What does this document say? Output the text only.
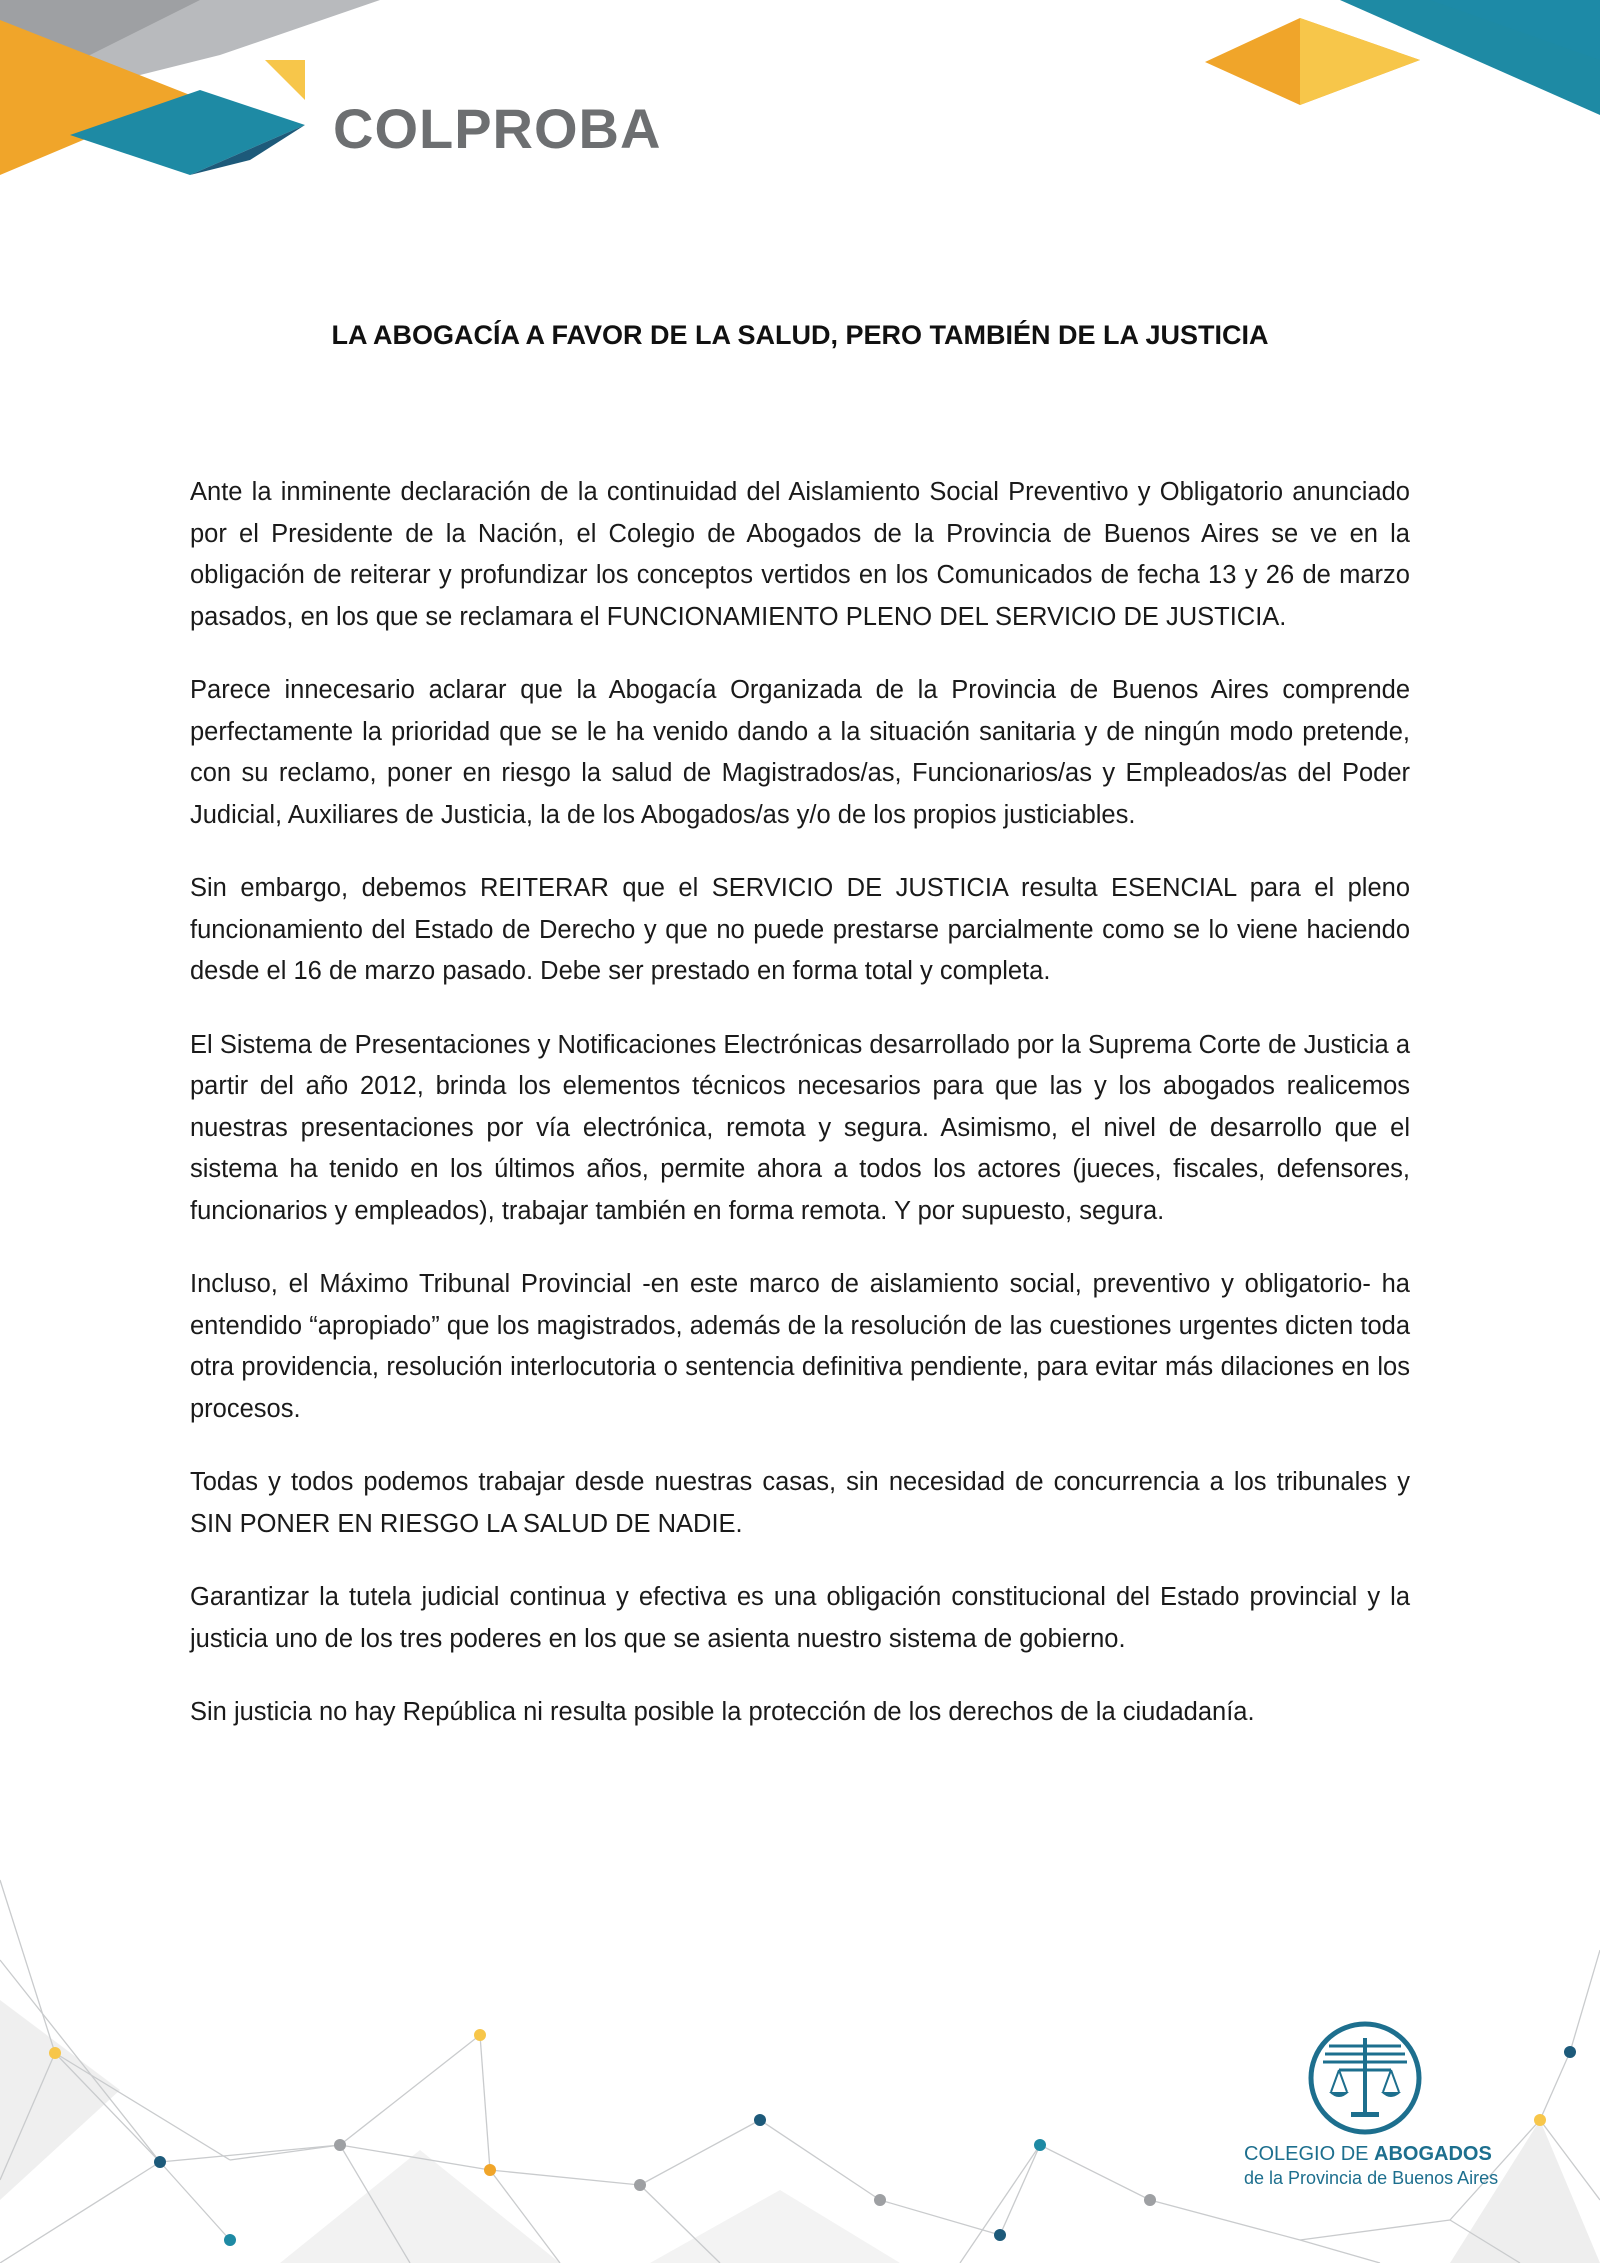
COLPROBA
LA ABOGACÍA A FAVOR DE LA SALUD, PERO TAMBIÉN DE LA JUSTICIA

Ante la inminente declaración de la continuidad del Aislamiento Social Preventivo y Obligatorio anunciado por el Presidente de la Nación, el Colegio de Abogados de la Provincia de Buenos Aires se ve en la obligación de reiterar y profundizar los conceptos vertidos en los Comunicados de fecha 13 y 26 de marzo pasados, en los que se reclamara el FUNCIONAMIENTO PLENO DEL SERVICIO DE JUSTICIA.

Parece innecesario aclarar que la Abogacía Organizada de la Provincia de Buenos Aires comprende perfectamente la prioridad que se le ha venido dando a la situación sanitaria y de ningún modo pretende, con su reclamo, poner en riesgo la salud de Magistrados/as, Funcionarios/as y Empleados/as del Poder Judicial, Auxiliares de Justicia, la de los Abogados/as y/o de los propios justiciables.

Sin embargo, debemos REITERAR que el SERVICIO DE JUSTICIA resulta ESENCIAL para el pleno funcionamiento del Estado de Derecho y que no puede prestarse parcialmente como se lo viene haciendo desde el 16 de marzo pasado. Debe ser prestado en forma total y completa.

El Sistema de Presentaciones y Notificaciones Electrónicas desarrollado por la Suprema Corte de Justicia a partir del año 2012, brinda los elementos técnicos necesarios para que las y los abogados realicemos nuestras presentaciones por vía electrónica, remota y segura. Asimismo, el nivel de desarrollo que el sistema ha tenido en los últimos años, permite ahora a todos los actores (jueces, fiscales, defensores, funcionarios y empleados), trabajar también en forma remota. Y por supuesto, segura.

Incluso, el Máximo Tribunal Provincial -en este marco de aislamiento social, preventivo y obligatorio- ha entendido “apropiado” que los magistrados, además de la resolución de las cuestiones urgentes dicten toda otra providencia, resolución interlocutoria o sentencia definitiva pendiente, para evitar más dilaciones en los procesos.

Todas y todos podemos trabajar desde nuestras casas, sin necesidad de concurrencia a los tribunales y SIN PONER EN RIESGO LA SALUD DE NADIE.

Garantizar la tutela judicial continua y efectiva es una obligación constitucional del Estado provincial y la justicia uno de los tres poderes en los que se asienta nuestro sistema de gobierno.

Sin justicia no hay República ni resulta posible la protección de los derechos de la ciudadanía.

COLEGIO DE ABOGADOS
de la Provincia de Buenos Aires
